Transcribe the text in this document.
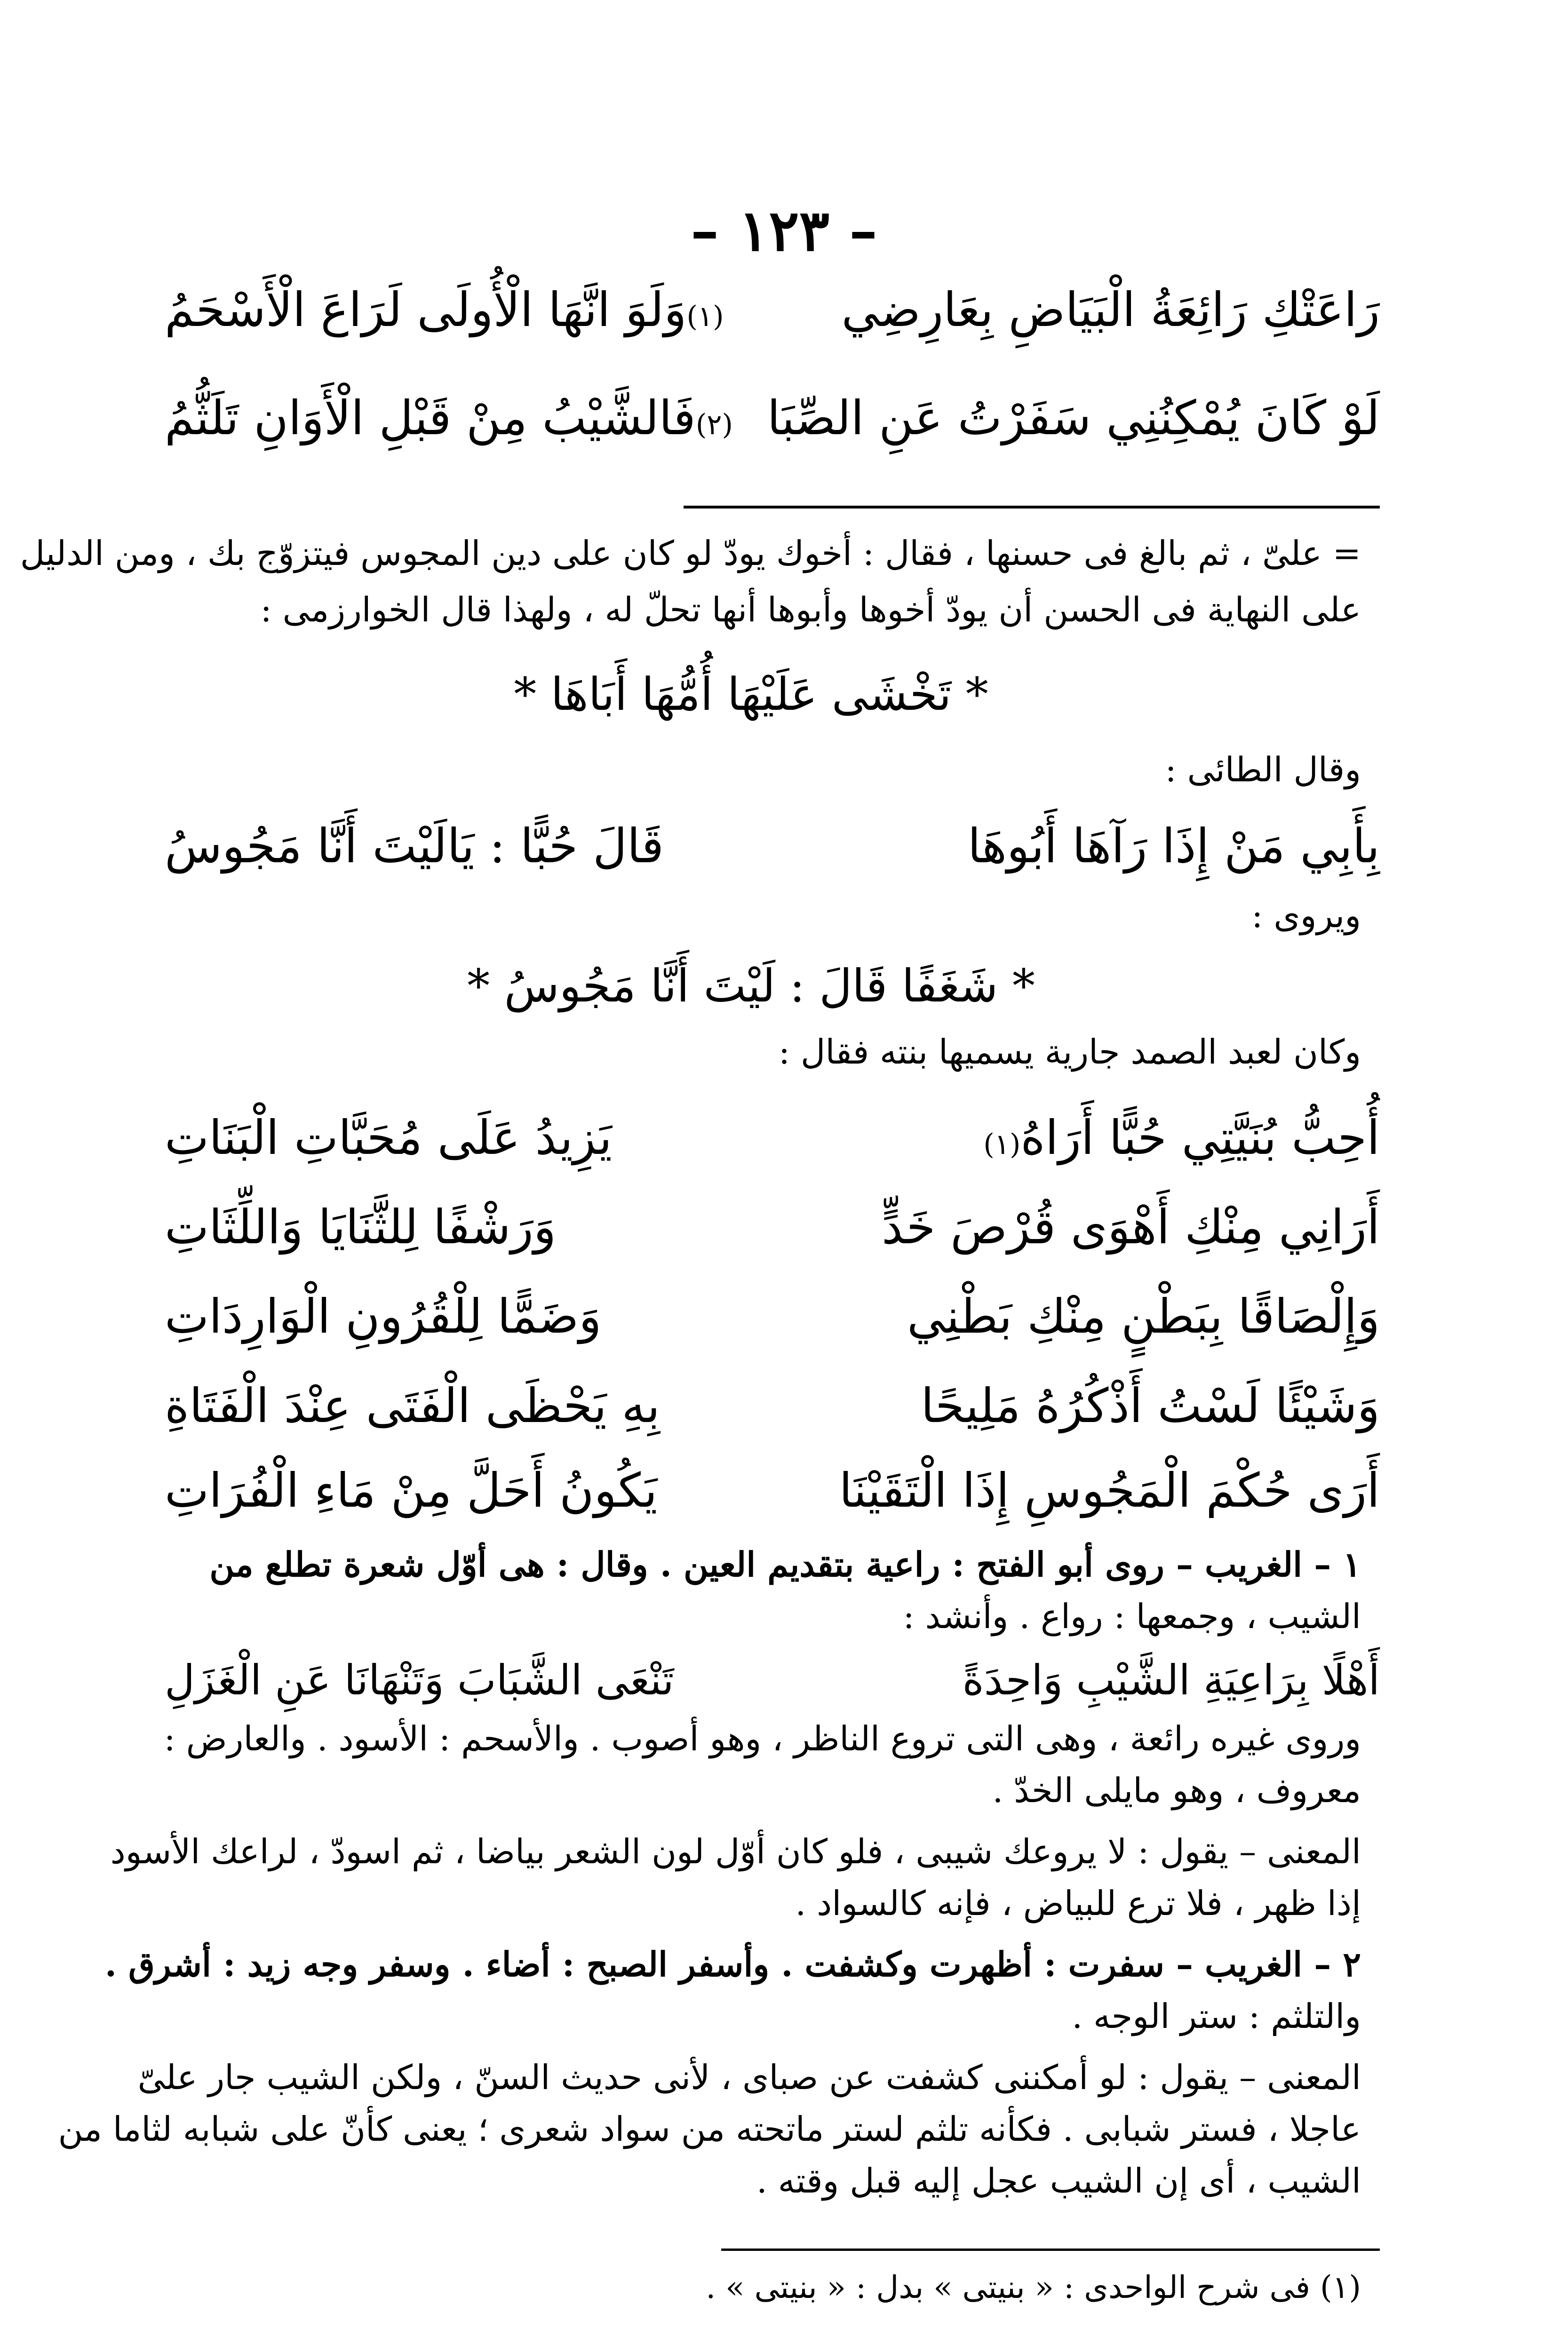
– ١٢٣ –
رَاعَتْكِ رَائِعَةُ الْبَيَاضِ بِعَارِضِي
(١)وَلَوَ انَّهَا الْأُولَى لَرَاعَ الْأَسْحَمُ
لَوْ كَانَ يُمْكِنُنِي سَفَرْتُ عَنِ الصِّبَا
(٢)فَالشَّيْبُ مِنْ قَبْلِ الْأَوَانِ تَلَثُّمُ
= علىّ ، ثم بالغ فى حسنها ، فقال : أخوك يودّ لو كان على دين المجوس فيتزوّج بك ، ومن الدليل
على النهاية فى الحسن أن يودّ أخوها وأبوها أنها تحلّ له ، ولهذا قال الخوارزمى :
* تَخْشَى عَلَيْهَا أُمُّهَا أَبَاهَا *
وقال الطائى :
بِأَبِي مَنْ إِذَا رَآهَا أَبُوهَا
قَالَ حُبًّا : يَالَيْتَ أَنَّا مَجُوسُ
ويروى :
* شَغَفًا قَالَ : لَيْتَ أَنَّا مَجُوسُ *
وكان لعبد الصمد جارية يسميها بنته فقال :
أُحِبُّ بُنَيَّتِي حُبًّا أَرَاهُ(١)
يَزِيدُ عَلَى مُحَبَّاتِ الْبَنَاتِ
أَرَانِي مِنْكِ أَهْوَى قُرْصَ خَدٍّ
وَرَشْفًا لِلثَّنَايَا وَاللِّثَاتِ
وَإِلْصَاقًا بِبَطْنٍ مِنْكِ بَطْنِي
وَضَمًّا لِلْقُرُونِ الْوَارِدَاتِ
وَشَيْئًا لَسْتُ أَذْكُرُهُ مَلِيحًا
بِهِ يَحْظَى الْفَتَى عِنْدَ الْفَتَاةِ
أَرَى حُكْمَ الْمَجُوسِ إِذَا الْتَقَيْنَا
يَكُونُ أَحَلَّ مِنْ مَاءِ الْفُرَاتِ
١ – الغريب – روى أبو الفتح : راعية بتقديم العين . وقال : هى أوّل شعرة تطلع من
الشيب ، وجمعها : رواع . وأنشد :
أَهْلًا بِرَاعِيَةِ الشَّيْبِ وَاحِدَةً
تَنْعَى الشَّبَابَ وَتَنْهَانَا عَنِ الْغَزَلِ
وروى غيره رائعة ، وهى التى تروع الناظر ، وهو أصوب . والأسحم : الأسود . والعارض :
معروف ، وهو مايلى الخدّ .
المعنى – يقول : لا يروعك شيبى ، فلو كان أوّل لون الشعر بياضا ، ثم اسودّ ، لراعك الأسود
إذا ظهر ، فلا ترع للبياض ، فإنه كالسواد .
٢ – الغريب – سفرت : أظهرت وكشفت . وأسفر الصبح : أضاء . وسفر وجه زيد : أشرق .
والتلثم : ستر الوجه .
المعنى – يقول : لو أمكننى كشفت عن صباى ، لأنى حديث السنّ ، ولكن الشيب جار علىّ
عاجلا ، فستر شبابى . فكأنه تلثم لستر ماتحته من سواد شعرى ؛ يعنى كأنّ على شبابه لثاما من
الشيب ، أى إن الشيب عجل إليه قبل وقته .
(١) فى شرح الواحدى : « بنيتى » بدل : « بنيتى » .
